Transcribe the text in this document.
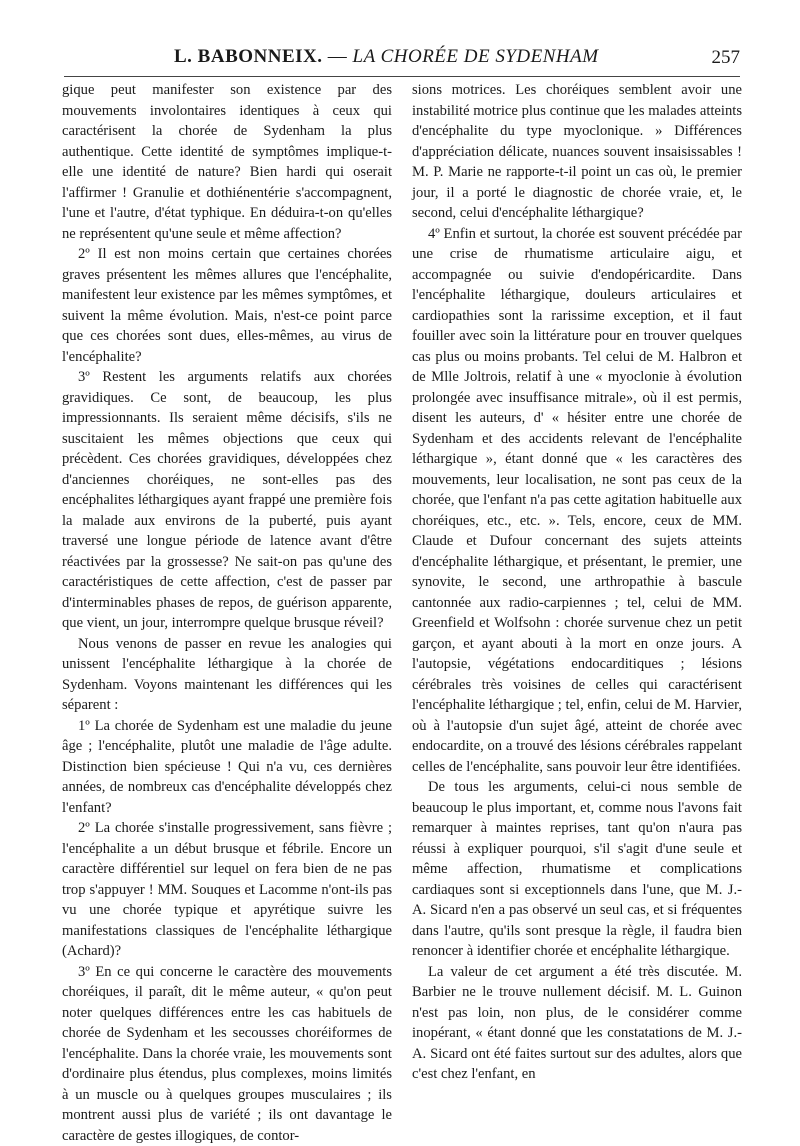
L. BABONNEIX. — LA CHORÉE DE SYDENHAM	257

gique peut manifester son existence par des mouvements involontaires identiques à ceux qui caractérisent la chorée de Sydenham la plus authentique. Cette identité de symptômes implique-t-elle une identité de nature? Bien hardi qui oserait l'affirmer ! Granulie et dothiénentérie s'accompagnent, l'une et l'autre, d'état typhique. En déduira-t-on qu'elles ne représentent qu'une seule et même affection?

2º Il est non moins certain que certaines chorées graves présentent les mêmes allures que l'encéphalite, manifestent leur existence par les mêmes symptômes, et suivent la même évolution. Mais, n'est-ce point parce que ces chorées sont dues, elles-mêmes, au virus de l'encéphalite?

3º Restent les arguments relatifs aux chorées gravidiques. Ce sont, de beaucoup, les plus impressionnants. Ils seraient même décisifs, s'ils ne suscitaient les mêmes objections que ceux qui précèdent. Ces chorées gravidiques, développées chez d'anciennes choréiques, ne sont-elles pas des encéphalites léthargiques ayant frappé une première fois la malade aux environs de la puberté, puis ayant traversé une longue période de latence avant d'être réactivées par la grossesse? Ne sait-on pas qu'une des caractéristiques de cette affection, c'est de passer par d'interminables phases de repos, de guérison apparente, que vient, un jour, interrompre quelque brusque réveil?

Nous venons de passer en revue les analogies qui unissent l'encéphalite léthargique à la chorée de Sydenham. Voyons maintenant les différences qui les séparent :

1º La chorée de Sydenham est une maladie du jeune âge ; l'encéphalite, plutôt une maladie de l'âge adulte. Distinction bien spécieuse ! Qui n'a vu, ces dernières années, de nombreux cas d'encéphalite développés chez l'enfant?

2º La chorée s'installe progressivement, sans fièvre ; l'encéphalite a un début brusque et fébrile. Encore un caractère différentiel sur lequel on fera bien de ne pas trop s'appuyer ! MM. Souques et Lacomme n'ont-ils pas vu une chorée typique et apyrétique suivre les manifestations classiques de l'encéphalite léthargique (Achard)?

3º En ce qui concerne le caractère des mouvements choréiques, il paraît, dit le même auteur, « qu'on peut noter quelques différences entre les cas habituels de chorée de Sydenham et les secousses choréiformes de l'encéphalite. Dans la chorée vraie, les mouvements sont d'ordinaire plus étendus, plus complexes, moins limités à un muscle ou à quelques groupes musculaires ; ils montrent aussi plus de variété ; ils ont davantage le caractère de gestes illogiques, de contor-

sions motrices. Les choréiques semblent avoir une instabilité motrice plus continue que les malades atteints d'encéphalite du type myoclonique. » Différences d'appréciation délicate, nuances souvent insaisissables ! M. P. Marie ne rapporte-t-il point un cas où, le premier jour, il a porté le diagnostic de chorée vraie, et, le second, celui d'encéphalite léthargique?

4º Enfin et surtout, la chorée est souvent précédée par une crise de rhumatisme articulaire aigu, et accompagnée ou suivie d'endopéricardite. Dans l'encéphalite léthargique, douleurs articulaires et cardiopathies sont la rarissime exception, et il faut fouiller avec soin la littérature pour en trouver quelques cas plus ou moins probants. Tel celui de M. Halbron et de Mlle Joltrois, relatif à une « myoclonie à évolution prolongée avec insuffisance mitrale», où il est permis, disent les auteurs, d' « hésiter entre une chorée de Sydenham et des accidents relevant de l'encéphalite léthargique », étant donné que « les caractères des mouvements, leur localisation, ne sont pas ceux de la chorée, que l'enfant n'a pas cette agitation habituelle aux choréiques, etc., etc. ». Tels, encore, ceux de MM. Claude et Dufour concernant des sujets atteints d'encéphalite léthargique, et présentant, le premier, une synovite, le second, une arthropathie à bascule cantonnée aux radio-carpiennes ; tel, celui de MM. Greenfield et Wolfsohn : chorée survenue chez un petit garçon, et ayant abouti à la mort en onze jours. A l'autopsie, végétations endocarditiques ; lésions cérébrales très voisines de celles qui caractérisent l'encéphalite léthargique ; tel, enfin, celui de M. Harvier, où à l'autopsie d'un sujet âgé, atteint de chorée avec endocardite, on a trouvé des lésions cérébrales rappelant celles de l'encéphalite, sans pouvoir leur être identifiées.

De tous les arguments, celui-ci nous semble de beaucoup le plus important, et, comme nous l'avons fait remarquer à maintes reprises, tant qu'on n'aura pas réussi à expliquer pourquoi, s'il s'agit d'une seule et même affection, rhumatisme et complications cardiaques sont si exceptionnels dans l'une, que M. J.-A. Sicard n'en a pas observé un seul cas, et si fréquentes dans l'autre, qu'ils sont presque la règle, il faudra bien renoncer à identifier chorée et encéphalite léthargique.

La valeur de cet argument a été très discutée. M. Barbier ne le trouve nullement décisif. M. L. Guinon n'est pas loin, non plus, de le considérer comme inopérant, « étant donné que les constatations de M. J.-A. Sicard ont été faites surtout sur des adultes, alors que c'est chez l'enfant, en
